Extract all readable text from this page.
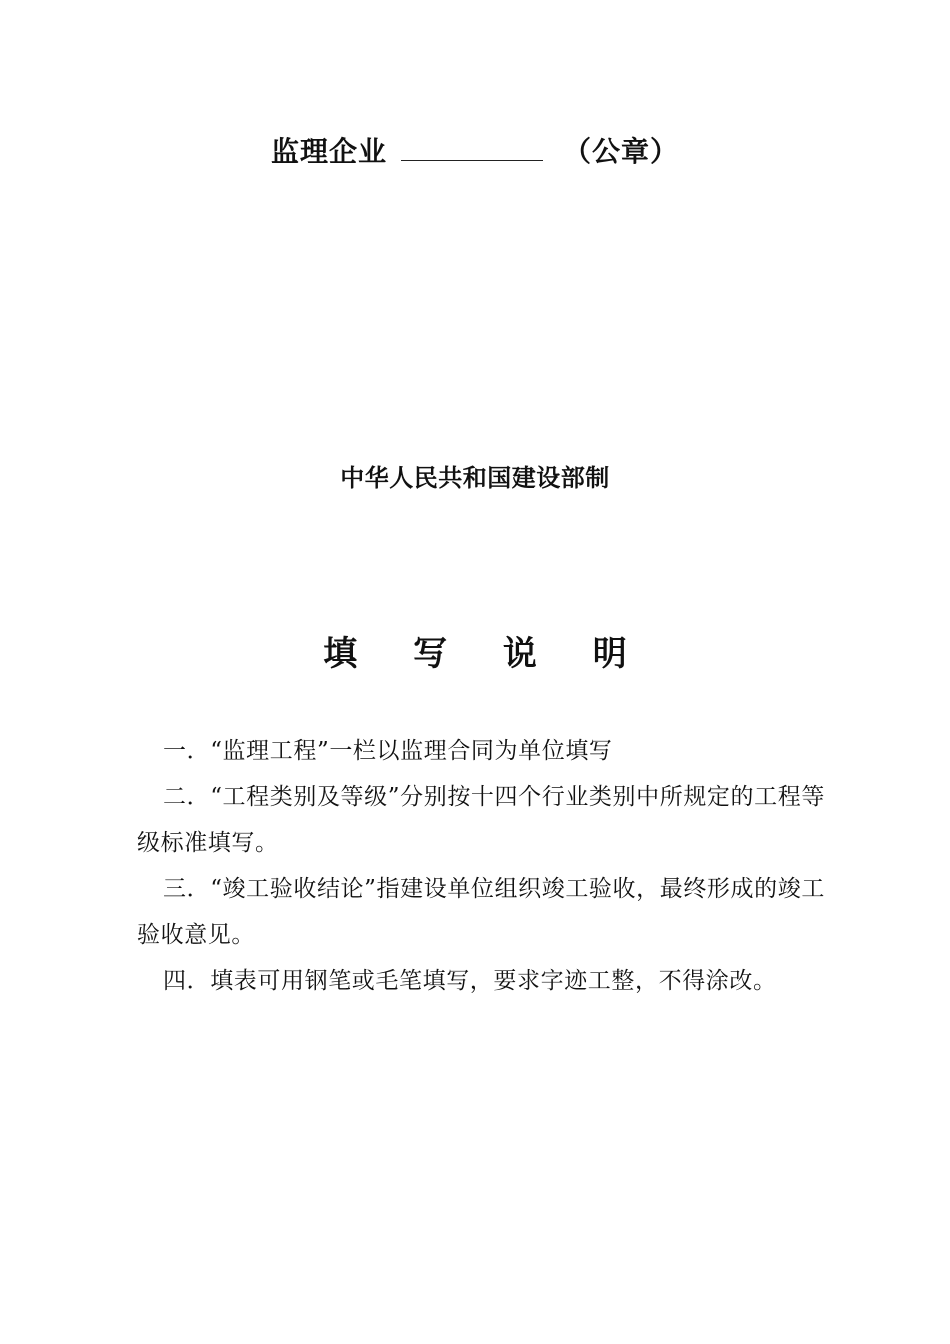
监理企业	（公章）
中华人民共和国建设部制
填 写 说 明

一．“监理工程”一栏以监理合同为单位填写

二．“工程类别及等级”分别按十四个行业类别中所规定的工程等级标准填写。

三．“竣工验收结论”指建设单位组织竣工验收，最终形成的竣工验收意见。

四．填表可用钢笔或毛笔填写，要求字迹工整，不得涂改。
